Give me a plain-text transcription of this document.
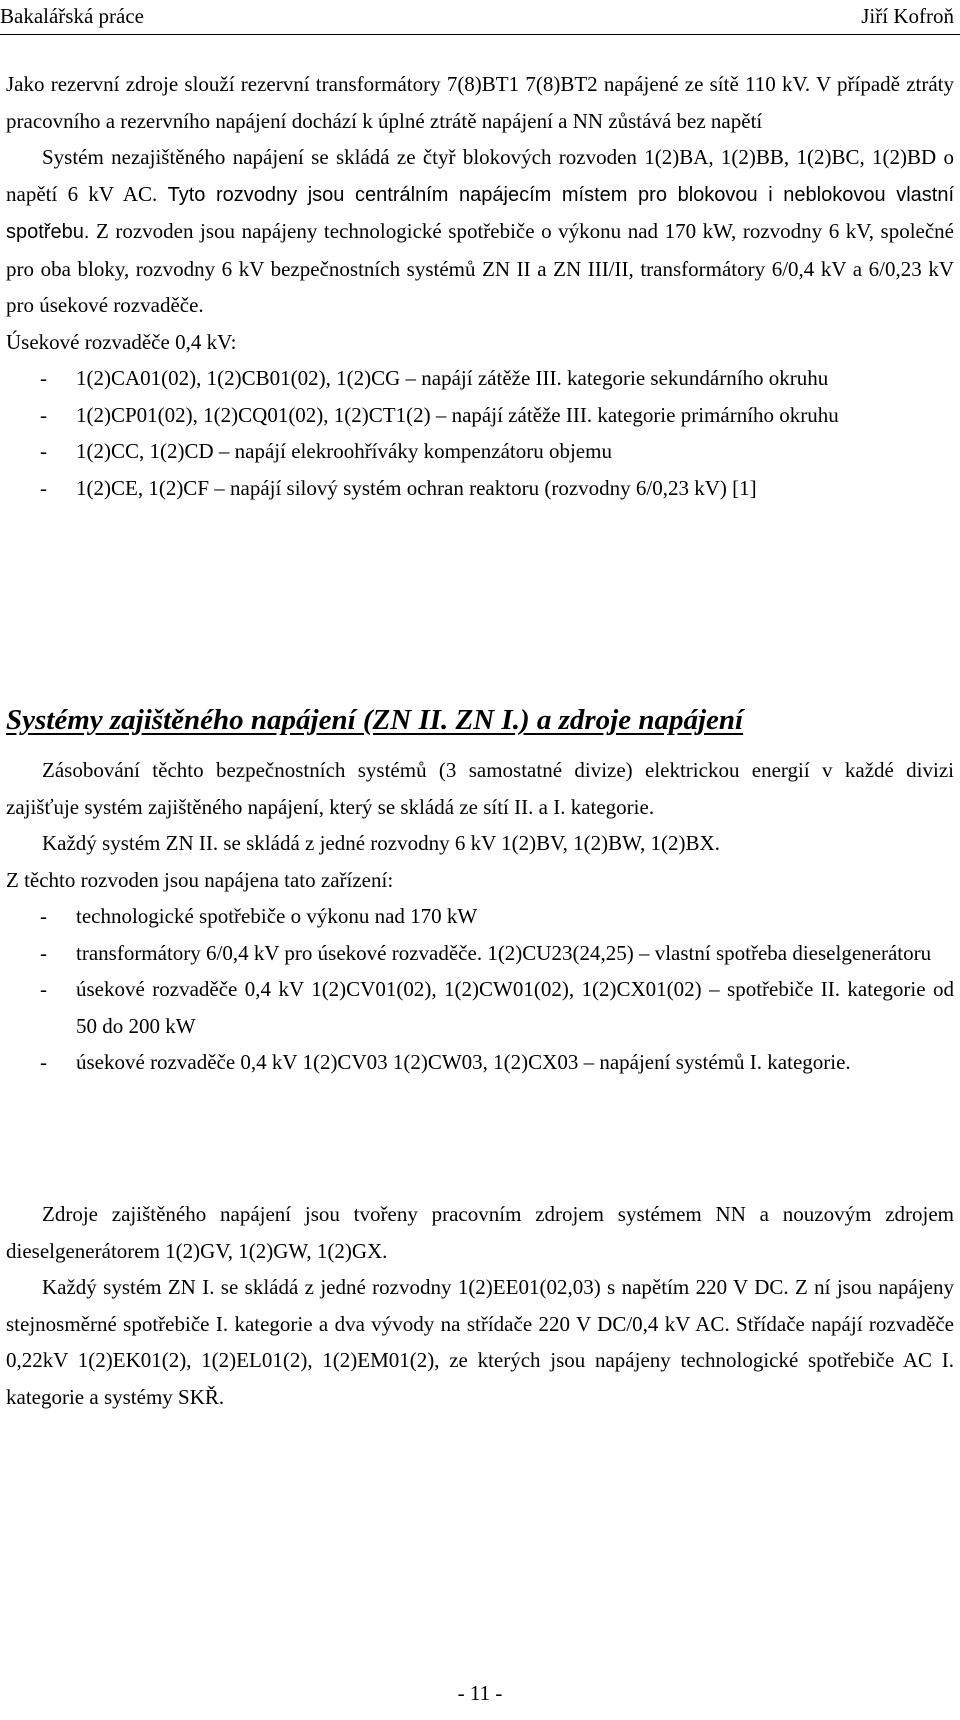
Bakalářská práce	Jiří Kofroň

Jako rezervní zdroje slouží rezervní transformátory 7(8)BT1 7(8)BT2 napájené ze sítě 110 kV. V případě ztráty pracovního a rezervního napájení dochází k úplné ztrátě napájení a NN zůstává bez napětí

Systém nezajištěného napájení se skládá ze čtyř blokových rozvoden 1(2)BA, 1(2)BB, 1(2)BC, 1(2)BD o napětí 6 kV AC. Tyto rozvodny jsou centrálním napájecím místem pro blokovou i neblokovou vlastní spotřebu. Z rozvoden jsou napájeny technologické spotřebiče o výkonu nad 170 kW, rozvodny 6 kV, společné pro oba bloky, rozvodny 6 kV bezpečnostních systémů ZN II a ZN III/II, transformátory 6/0,4 kV a 6/0,23 kV pro úsekové rozvaděče.

Úsekové rozvaděče 0,4 kV:

- 1(2)CA01(02), 1(2)CB01(02), 1(2)CG – napájí zátěže III. kategorie sekundárního okruhu
- 1(2)CP01(02), 1(2)CQ01(02), 1(2)CT1(2) – napájí zátěže III. kategorie primárního okruhu
- 1(2)CC, 1(2)CD – napájí elekroohříváky kompenzátoru objemu
- 1(2)CE, 1(2)CF – napájí silový systém ochran reaktoru (rozvodny 6/0,23 kV) [1]
Systémy zajištěného napájení (ZN II. ZN I.) a zdroje napájení

Zásobování těchto bezpečnostních systémů (3 samostatné divize) elektrickou energií v každé divizi zajišťuje systém zajištěného napájení, který se skládá ze sítí II. a I. kategorie.

Každý systém ZN II. se skládá z jedné rozvodny 6 kV 1(2)BV, 1(2)BW, 1(2)BX.

Z těchto rozvoden jsou napájena tato zařízení:

- technologické spotřebiče o výkonu nad 170 kW
- transformátory 6/0,4 kV pro úsekové rozvaděče. 1(2)CU23(24,25) – vlastní spotřeba dieselgenerátoru
- úsekové rozvaděče 0,4 kV 1(2)CV01(02), 1(2)CW01(02), 1(2)CX01(02) – spotřebiče II. kategorie od 50 do 200 kW
- úsekové rozvaděče 0,4 kV 1(2)CV03 1(2)CW03, 1(2)CX03 – napájení systémů I. kategorie.

Zdroje zajištěného napájení jsou tvořeny pracovním zdrojem systémem NN a nouzovým zdrojem dieselgenerátorem 1(2)GV, 1(2)GW, 1(2)GX.

Každý systém ZN I. se skládá z jedné rozvodny 1(2)EE01(02,03) s napětím 220 V DC. Z ní jsou napájeny stejnosměrné spotřebiče I. kategorie a dva vývody na střídače 220 V DC/0,4 kV AC. Střídače napájí rozvaděče 0,22kV 1(2)EK01(2), 1(2)EL01(2), 1(2)EM01(2), ze kterých jsou napájeny technologické spotřebiče AC I. kategorie a systémy SKŘ.

- 11 -
